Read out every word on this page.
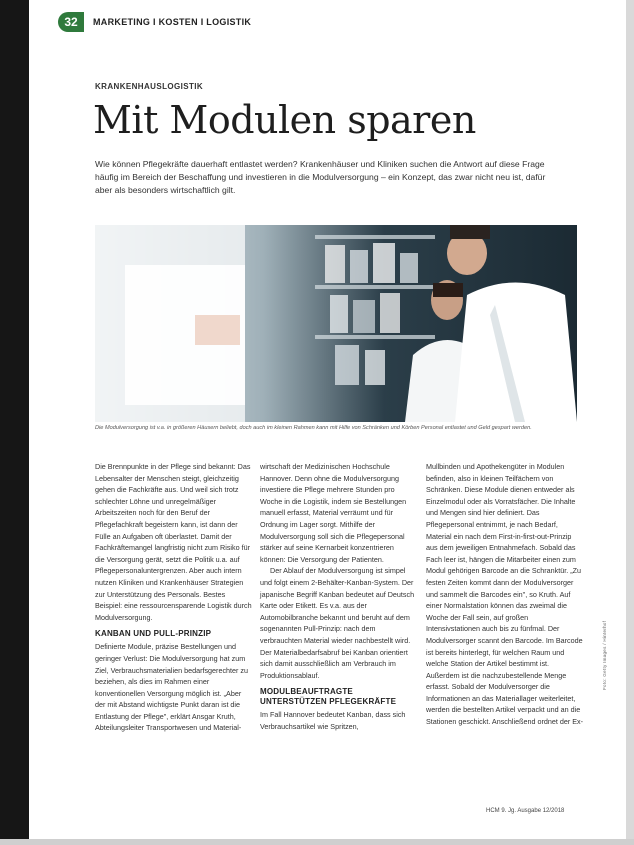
32	MARKETING I KOSTEN I LOGISTIK
KRANKENHAUSLOGISTIK
Mit Modulen sparen
Wie können Pflegekräfte dauerhaft entlastet werden? Krankenhäuser und Kliniken suchen die Antwort auf diese Frage häufig im Bereich der Beschaffung und investieren in die Modulversorgung – ein Konzept, das zwar nicht neu ist, dafür aber als besonders wirtschaftlich gilt.
Die Modulversorgung ist v.a. in größeren Häusern beliebt, doch auch im kleinen Rahmen kann mit Hilfe von Schränken und Körben Personal entlastet und Geld gespart werden.

Die Brennpunkte in der Pflege sind bekannt: Das Lebensalter der Menschen steigt, gleichzeitig gehen die Fachkräfte aus. Und weil sich trotz schlechter Löhne und unregelmäßiger Arbeitszeiten noch für den Beruf der Pflegefachkraft begeistern kann, ist dann der Fülle an Aufgaben oft überlastet. Damit der Fachkräftemangel langfristig nicht zum Risiko für die Versorgung gerät, setzt die Politik u.a. auf Pflegepersonaluntergrenzen. Aber auch intern nutzen Kliniken und Krankenhäuser Strategien zur Unterstützung des Personals. Bestes Beispiel: eine ressourcensparende Logistik durch Modulversorgung.

KANBAN UND PULL-PRINZIP

Definierte Module, präzise Bestellungen und geringer Verlust: Die Modulversorgung hat zum Ziel, Verbrauchsmaterialien bedarfsgerechter zu beziehen, als dies im Rahmen einer konventionellen Versorgung möglich ist. „Aber der mit Abstand wichtigste Punkt daran ist die Entlastung der Pflege", erklärt Ansgar Kruth, Abteilungsleiter Transportwesen und Material-

wirtschaft der Medizinischen Hochschule Hannover. Denn ohne die Modulversorgung investiere die Pflege mehrere Stunden pro Woche in die Logistik, indem sie Bestellungen manuell erfasst, Material verräumt und für Ordnung im Lager sorgt. Mithilfe der Modulversorgung soll sich die Pflegepersonal stärker auf seine Kernarbeit konzentrieren können: Die Versorgung der Patienten.

Der Ablauf der Modulversorgung ist simpel und folgt einem 2-Behälter-Kanban-System. Der japanische Begriff Kanban bedeutet auf Deutsch Karte oder Etikett. Es v.a. aus der Automobilbranche bekannt und beruht auf dem sogenannten Pull-Prinzip: nach dem verbrauchten Material wieder nachbestellt wird. Der Materialbedarfsabruf bei Kanban orientiert sich damit ausschließlich am Verbrauch im Produktionsablauf.

MODULBEAUFTRAGTE UNTERSTÜTZEN PFLEGEKRÄFTE

Im Fall Hannover bedeutet Kanban, dass sich Verbrauchsartikel wie Spritzen,

Mullbinden und Apothekengüter in Modulen befinden, also in kleinen Teilfächern von Schränken. Diese Module dienen entweder als Einzelmodul oder als Vorratsfächer. Die Inhalte und Mengen sind hier definiert. Das Pflegepersonal entnimmt, je nach Bedarf, Material ein nach dem First-in-first-out-Prinzip aus dem jeweiligen Entnahmefach. Sobald das Fach leer ist, hängen die Mitarbeiter einen zum Modul gehörigen Barcode an die Schranktür. „Zu festen Zeiten kommt dann der Modulversorger und sammelt die Barcodes ein", so Kruth. Auf einer Normalstation können das zweimal die Woche der Fall sein, auf großen Intensivstationen auch bis zu fünfmal. Der Modulversorger scannt den Barcode. Im Barcode ist bereits hinterlegt, für welchen Raum und welche Station der Artikel bestimmt ist. Außerdem ist die nachzubestellende Menge erfasst. Sobald der Modulversorger die Informationen an das Materiallager weiterleitet, werden die bestellten Artikel verpackt und an die Stationen geschickt. Anschließend ordnet der Ex-

Foto: Getty Images / Hinterhof
HCM 9. Jg. Ausgabe 12/2018
